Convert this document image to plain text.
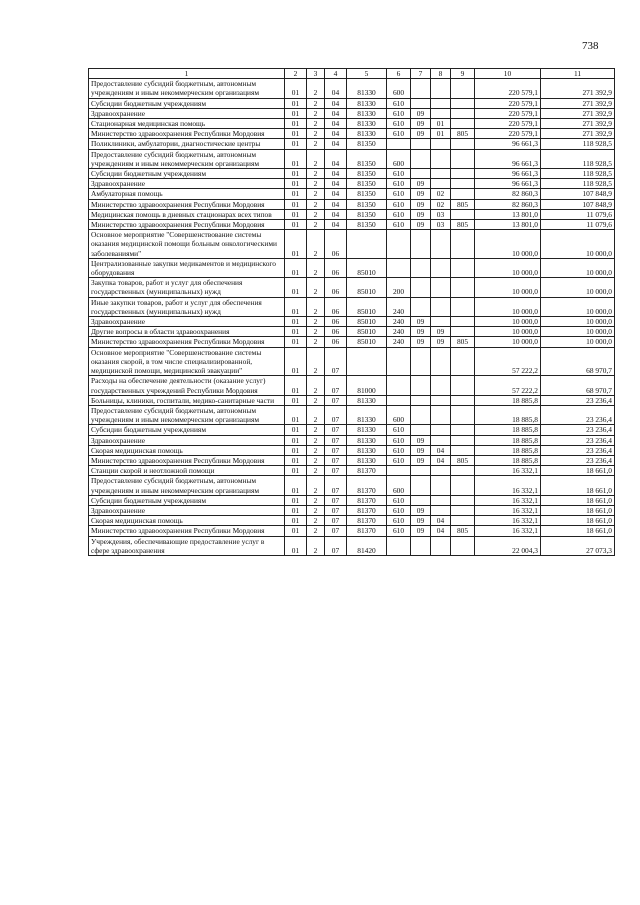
738
1	2	3	4	5	6	7	8	9	10	11
Предоставление субсидий бюджетным, автономным учреждениям и иным некоммерческим организациям	01	2	04	81330	600				220 579,1	271 392,9
Субсидии бюджетным учреждениям	01	2	04	81330	610				220 579,1	271 392,9
Здравоохранение	01	2	04	81330	610	09			220 579,1	271 392,9
Стационарная медицинская помощь	01	2	04	81330	610	09	01		220 579,1	271 392,9
Министерство здравоохранения Республики Мордовия	01	2	04	81330	610	09	01	805	220 579,1	271 392,9
Поликлиники, амбулатории, диагностические центры	01	2	04	81350					96 661,3	118 928,5
Предоставление субсидий бюджетным, автономным учреждениям и иным некоммерческим организациям	01	2	04	81350	600				96 661,3	118 928,5
Субсидии бюджетным учреждениям	01	2	04	81350	610				96 661,3	118 928,5
Здравоохранение	01	2	04	81350	610	09			96 661,3	118 928,5
Амбулаторная помощь	01	2	04	81350	610	09	02		82 860,3	107 848,9
Министерство здравоохранения Республики Мордовия	01	2	04	81350	610	09	02	805	82 860,3	107 848,9
Медицинская помощь в дневных стационарах всех типов	01	2	04	81350	610	09	03		13 801,0	11 079,6
Министерство здравоохранения Республики Мордовия	01	2	04	81350	610	09	03	805	13 801,0	11 079,6
Основное мероприятие "Совершенствование системы оказания медицинской помощи больным онкологическими заболеваниями"	01	2	06						10 000,0	10 000,0
Централизованные закупки медикаментов и медицинского оборудования	01	2	06	85010					10 000,0	10 000,0
Закупка товаров, работ и услуг для обеспечения государственных (муниципальных) нужд	01	2	06	85010	200				10 000,0	10 000,0
Иные закупки товаров, работ и услуг для обеспечения государственных (муниципальных) нужд	01	2	06	85010	240				10 000,0	10 000,0
Здравоохранение	01	2	06	85010	240	09			10 000,0	10 000,0
Другие вопросы в области здравоохранения	01	2	06	85010	240	09	09		10 000,0	10 000,0
Министерство здравоохранения Республики Мордовия	01	2	06	85010	240	09	09	805	10 000,0	10 000,0
Основное мероприятие "Совершенствование системы оказания скорой, в том числе специализированной, медицинской помощи, медицинской эвакуации"	01	2	07						57 222,2	68 970,7
Расходы на обеспечение деятельности (оказание услуг) государственных учреждений Республики Мордовия	01	2	07	81000					57 222,2	68 970,7
Больницы, клиники, госпитали, медико-санитарные части	01	2	07	81330					18 885,8	23 236,4
Предоставление субсидий бюджетным, автономным учреждениям и иным некоммерческим организациям	01	2	07	81330	600				18 885,8	23 236,4
Субсидии бюджетным учреждениям	01	2	07	81330	610				18 885,8	23 236,4
Здравоохранение	01	2	07	81330	610	09			18 885,8	23 236,4
Скорая медицинская помощь	01	2	07	81330	610	09	04		18 885,8	23 236,4
Министерство здравоохранения Республики Мордовия	01	2	07	81330	610	09	04	805	18 885,8	23 236,4
Станции скорой и неотложной помощи	01	2	07	81370					16 332,1	18 661,0
Предоставление субсидий бюджетным, автономным учреждениям и иным некоммерческим организациям	01	2	07	81370	600				16 332,1	18 661,0
Субсидии бюджетным учреждениям	01	2	07	81370	610				16 332,1	18 661,0
Здравоохранение	01	2	07	81370	610	09			16 332,1	18 661,0
Скорая медицинская помощь	01	2	07	81370	610	09	04		16 332,1	18 661,0
Министерство здравоохранения Республики Мордовия	01	2	07	81370	610	09	04	805	16 332,1	18 661,0
Учреждения, обеспечивающие предоставление услуг в сфере здравоохранения	01	2	07	81420					22 004,3	27 073,3
